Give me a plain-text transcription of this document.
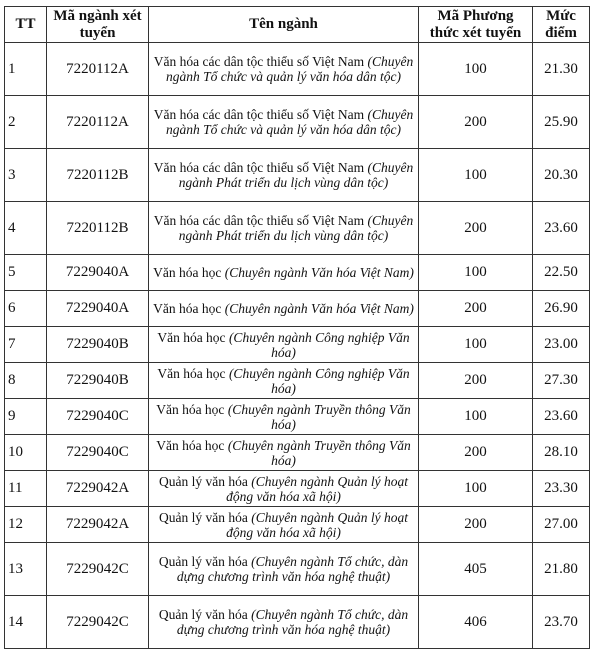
TT	Mã ngành xét tuyển	Tên ngành	Mã Phương thức xét tuyển	Mức điểm
1	7220112A	Văn hóa các dân tộc thiểu số Việt Nam (Chuyên ngành Tổ chức và quản lý văn hóa dân tộc)	100	21.30
2	7220112A	Văn hóa các dân tộc thiểu số Việt Nam (Chuyên ngành Tổ chức và quản lý văn hóa dân tộc)	200	25.90
3	7220112B	Văn hóa các dân tộc thiểu số Việt Nam (Chuyên ngành Phát triển du lịch vùng dân tộc)	100	20.30
4	7220112B	Văn hóa các dân tộc thiểu số Việt Nam (Chuyên ngành Phát triển du lịch vùng dân tộc)	200	23.60
5	7229040A	Văn hóa học (Chuyên ngành Văn hóa Việt Nam)	100	22.50
6	7229040A	Văn hóa học (Chuyên ngành Văn hóa Việt Nam)	200	26.90
7	7229040B	Văn hóa học (Chuyên ngành Công nghiệp Văn hóa)	100	23.00
8	7229040B	Văn hóa học (Chuyên ngành Công nghiệp Văn hóa)	200	27.30
9	7229040C	Văn hóa học (Chuyên ngành Truyền thông Văn hóa)	100	23.60
10	7229040C	Văn hóa học (Chuyên ngành Truyền thông Văn hóa)	200	28.10
11	7229042A	Quản lý văn hóa (Chuyên ngành Quản lý hoạt động văn hóa xã hội)	100	23.30
12	7229042A	Quản lý văn hóa (Chuyên ngành Quản lý hoạt động văn hóa xã hội)	200	27.00
13	7229042C	Quản lý văn hóa (Chuyên ngành Tổ chức, dàn dựng chương trình văn hóa nghệ thuật)	405	21.80
14	7229042C	Quản lý văn hóa (Chuyên ngành Tổ chức, dàn dựng chương trình văn hóa nghệ thuật)	406	23.70
